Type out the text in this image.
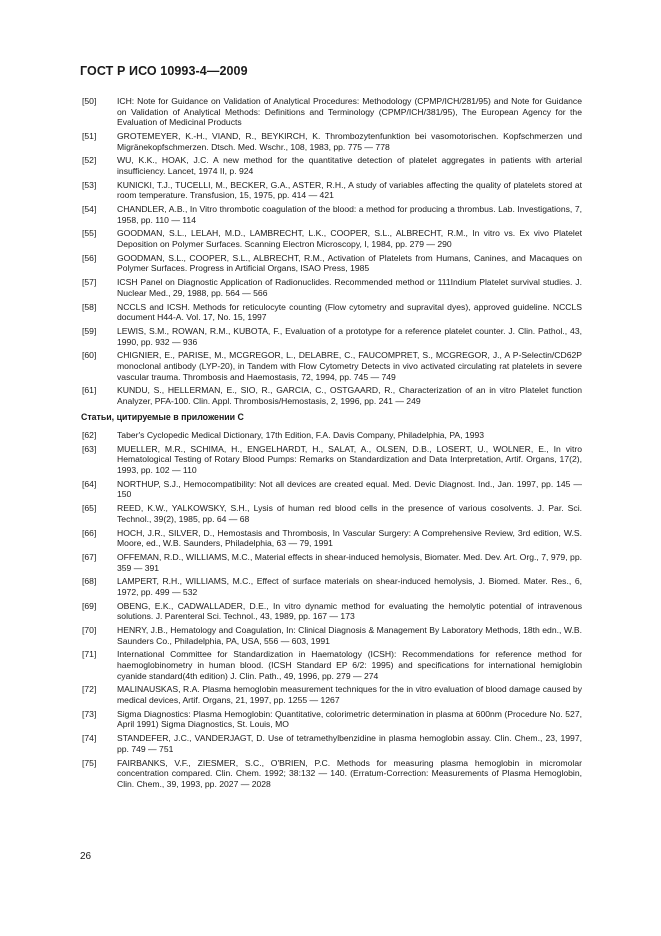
ГОСТ Р ИСО 10993-4—2009
[50]	ICH: Note for Guidance on Validation of Analytical Procedures: Methodology (CPMP/ICH/281/95) and Note for Guidance on Validation of Analytical Methods: Definitions and Terminology (CPMP/ICH/381/95), The European Agency for the Evaluation of Medicinal Products
[51]	GROTEMEYER, K.-H., VIAND, R., BEYKIRCH, K. Thrombozytenfunktion bei vasomotorischen. Kopfschmerzen und Migränekopfschmerzen. Dtsch. Med. Wschr., 108, 1983, pp. 775 — 778
[52]	WU, K.K., HOAK, J.C. A new method for the quantitative detection of platelet aggregates in patients with arterial insufficiency. Lancet, 1974 II, p. 924
[53]	KUNICKI, T.J., TUCELLI, M., BECKER, G.A., ASTER, R.H., A study of variables affecting the quality of platelets stored at room temperature. Transfusion, 15, 1975, pp. 414 — 421
[54]	CHANDLER, A.B., In Vitro thrombotic coagulation of the blood: a method for producing a thrombus. Lab. Investigations, 7, 1958, pp. 110 — 114
[55]	GOODMAN, S.L., LELAH, M.D., LAMBRECHT, L.K., COOPER, S.L., ALBRECHT, R.M., In vitro vs. Ex vivo Platelet Deposition on Polymer Surfaces. Scanning Electron Microscopy, I, 1984, pp. 279 — 290
[56]	GOODMAN, S.L., COOPER, S.L., ALBRECHT, R.M., Activation of Platelets from Humans, Canines, and Macaques on Polymer Surfaces. Progress in Artificial Organs, ISAO Press, 1985
[57]	ICSH Panel on Diagnostic Application of Radionuclides. Recommended method or 111Indium Platelet survival studies. J. Nuclear Med., 29, 1988, pp. 564 — 566
[58]	NCCLS and ICSH. Methods for reticulocyte counting (Flow cytometry and supravital dyes), approved guideline. NCCLS document H44-A. Vol. 17, No. 15, 1997
[59]	LEWIS, S.M., ROWAN, R.M., KUBOTA, F., Evaluation of a prototype for a reference platelet counter. J. Clin. Pathol., 43, 1990, pp. 932 — 936
[60]	CHIGNIER, E., PARISE, M., MCGREGOR, L., DELABRE, C., FAUCOMPRET, S., MCGREGOR, J., A P-Selectin/CD62P monoclonal antibody (LYP-20), in Tandem with Flow Cytometry Detects in vivo activated circulating rat platelets in severe vascular trauma. Thrombosis and Haemostasis, 72, 1994, pp. 745 — 749
[61]	KUNDU, S., HELLERMAN, E., SIO, R., GARCIA, C., OSTGAARD, R., Characterization of an in vitro Platelet function Analyzer, PFA-100. Clin. Appl. Thrombosis/Hemostasis, 2, 1996, pp. 241 — 249
Статьи, цитируемые в приложении С
[62]	Taber's Cyclopedic Medical Dictionary, 17th Edition, F.A. Davis Company, Philadelphia, PA, 1993
[63]	MUELLER, M.R., SCHIMA, H., ENGELHARDT, H., SALAT, A., OLSEN, D.B., LOSERT, U., WOLNER, E., In vitro Hematological Testing of Rotary Blood Pumps: Remarks on Standardization and Data Interpretation, Artif. Organs, 17(2), 1993, pp. 102 — 110
[64]	NORTHUP, S.J., Hemocompatibility: Not all devices are created equal. Med. Devic Diagnost. Ind., Jan. 1997, pp. 145 — 150
[65]	REED, K.W., YALKOWSKY, S.H., Lysis of human red blood cells in the presence of various cosolvents. J. Par. Sci. Technol., 39(2), 1985, pp. 64 — 68
[66]	HOCH, J.R., SILVER, D., Hemostasis and Thrombosis, In Vascular Surgery: A Comprehensive Review, 3rd edition, W.S. Moore, ed., W.B. Saunders, Philadelphia, 63 — 79, 1991
[67]	OFFEMAN, R.D., WILLIAMS, M.C., Material effects in shear-induced hemolysis, Biomater. Med. Dev. Art. Org., 7, 979, pp. 359 — 391
[68]	LAMPERT, R.H., WILLIAMS, M.C., Effect of surface materials on shear-induced hemolysis, J. Biomed. Mater. Res., 6, 1972, pp. 499 — 532
[69]	OBENG, E.K., CADWALLADER, D.E., In vitro dynamic method for evaluating the hemolytic potential of intravenous solutions. J. Parenteral Sci. Technol., 43, 1989, pp. 167 — 173
[70]	HENRY, J.B., Hematology and Coagulation, In: Clinical Diagnosis & Management By Laboratory Methods, 18th edn., W.B. Saunders Co., Philadelphia, PA, USA, 556 — 603, 1991
[71]	International Committee for Standardization in Haematology (ICSH): Recommendations for reference method for haemoglobinometry in human blood. (ICSH Standard EP 6/2: 1995) and specifications for international hemiglobin cyanide standard(4th edition) J. Clin. Path., 49, 1996, pp. 279 — 274
[72]	MALINAUSKAS, R.A. Plasma hemoglobin measurement techniques for the in vitro evaluation of blood damage caused by medical devices, Artif. Organs, 21, 1997, pp. 1255 — 1267
[73]	Sigma Diagnostics: Plasma Hemoglobin: Quantitative, colorimetric determination in plasma at 600nm (Procedure No. 527, April 1991) Sigma Diagnostics, St. Louis, MO
[74]	STANDEFER, J.C., VANDERJAGT, D. Use of tetramethylbenzidine in plasma hemoglobin assay. Clin. Chem., 23, 1997, pp. 749 — 751
[75]	FAIRBANKS, V.F., ZIESMER, S.C., O'BRIEN, P.C. Methods for measuring plasma hemoglobin in micromolar concentration compared. Clin. Chem. 1992; 38:132 — 140. (Erratum-Correction: Measurements of Plasma Hemoglobin, Clin. Chem., 39, 1993, pp. 2027 — 2028
26
